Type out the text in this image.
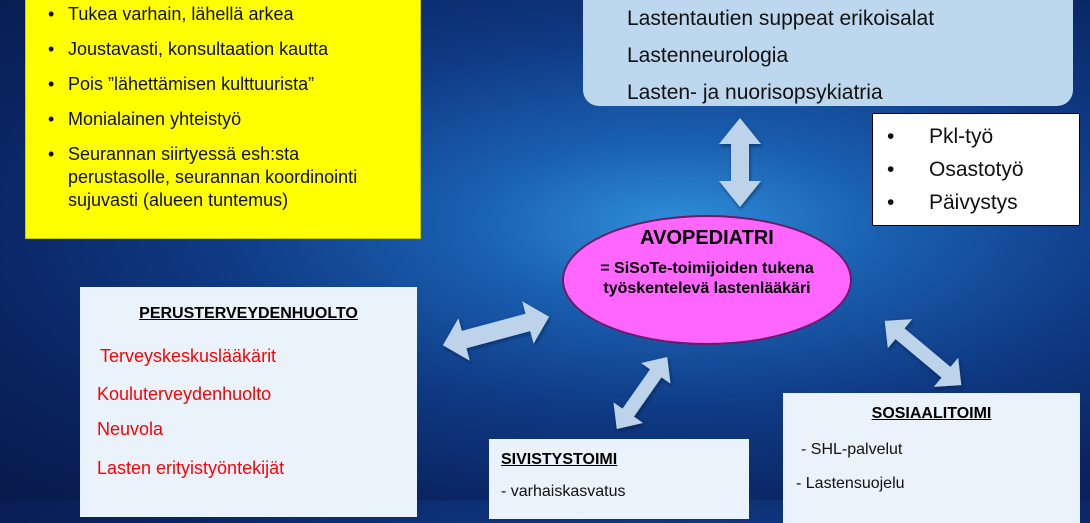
• Tukea varhain, lähellä arkea
• Joustavasti, konsultaation kautta
• Pois ”lähettämisen kulttuurista”
• Monialainen yhteistyö
• Seurannan siirtyessä esh:sta perustasolle, seurannan koordinointi sujuvasti (alueen tuntemus)
Lastentautien suppeat erikoisalat
Lastenneurologia
Lasten- ja nuorisopsykiatria
• Pkl-työ
• Osastotyö
• Päivystys
AVOPEDIATRI
= SiSoTe-toimijoiden tukena työskentelevä lastenlääkäri
PERUSTERVEYDENHUOLTO
Terveyskeskuslääkärit
Kouluterveydenhuolto
Neuvola
Lasten erityistyöntekijät	SIVISTYSTOIMI
- varhaiskasvatus
SOSIAALITOIMI
- SHL-palvelut
- Lastensuojelu
